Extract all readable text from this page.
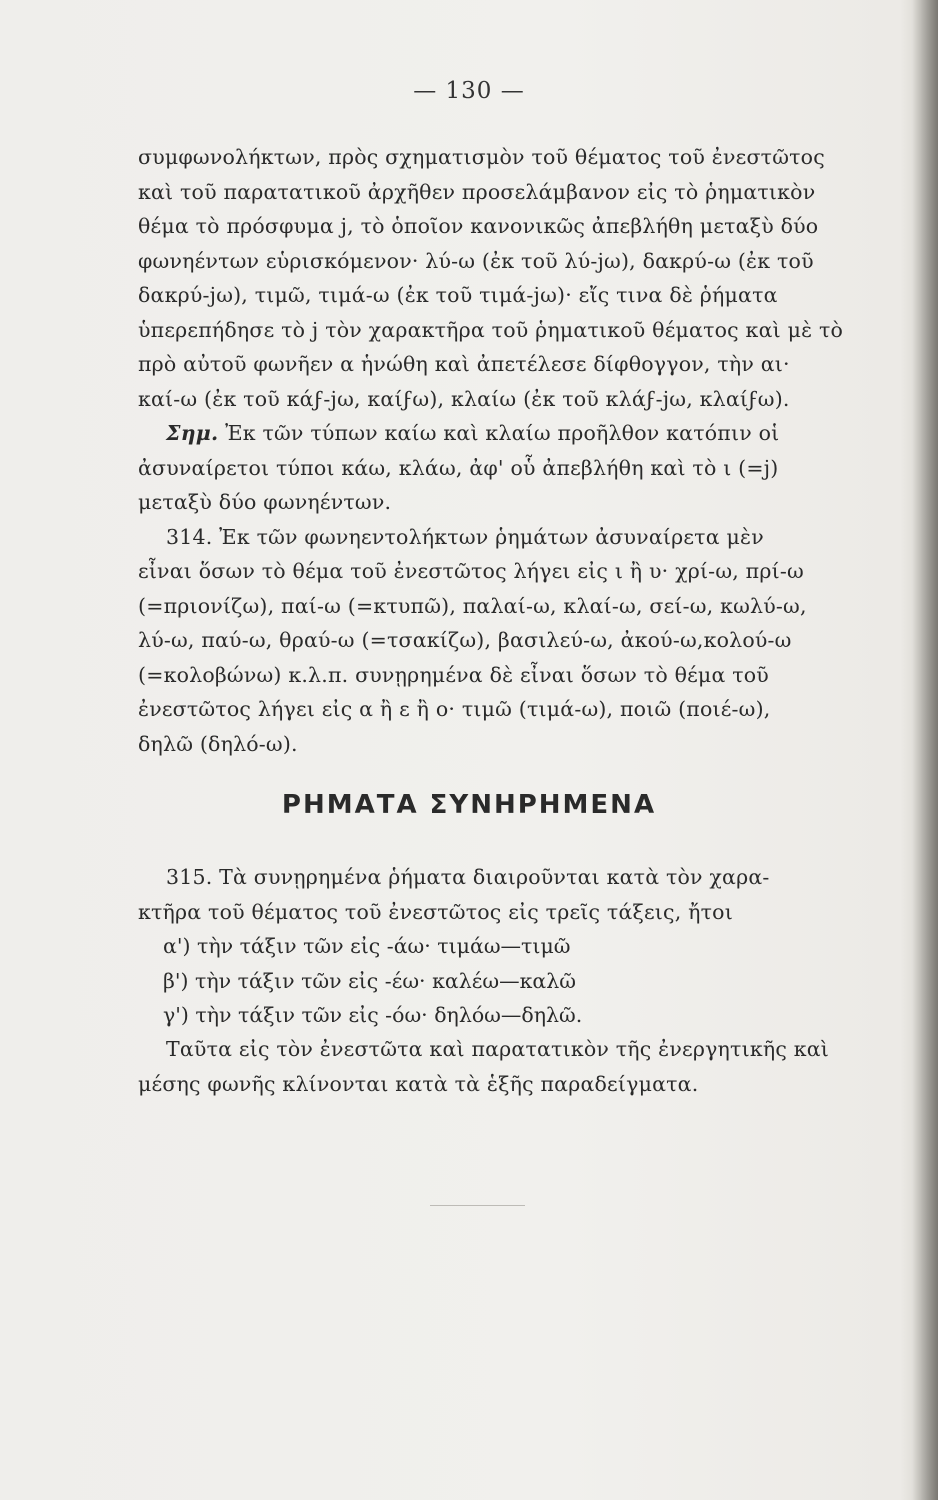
— 130 —
συμφωνολήκτων, πρὸς σχηματισμὸν τοῦ θέματος τοῦ ἐνεστῶτος
καὶ τοῦ παρατατικοῦ ἀρχῆθεν προσελάμβανον εἰς τὸ ῥηματικὸν
θέμα τὸ πρόσφυμα j, τὸ ὁποῖον κανονικῶς ἀπεβλήθη μεταξὺ δύο
φωνηέντων εὑρισκόμενον· λύ-ω (ἐκ τοῦ λύ-jω), δακρύ-ω (ἐκ τοῦ
δακρύ-jω), τιμῶ, τιμά-ω (ἐκ τοῦ τιμά-jω)· εἴς τινα δὲ ῥήματα
ὑπερεπήδησε τὸ j τὸν χαρακτῆρα τοῦ ῥηματικοῦ θέματος καὶ μὲ τὸ
πρὸ αὐτοῦ φωνῆεν α ἡνώθη καὶ ἀπετέλεσε δίφθογγον, τὴν αι·
καί-ω (ἐκ τοῦ κάϝ-jω, καίϝω), κλαίω (ἐκ τοῦ κλάϝ-jω, κλαίϝω).
Σημ. Ἐκ τῶν τύπων καίω καὶ κλαίω προῆλθον κατόπιν οἱ
ἀσυναίρετοι τύποι κάω, κλάω, ἀφ' οὗ ἀπεβλήθη καὶ τὸ ι (=j)
μεταξὺ δύο φωνηέντων.
314. Ἐκ τῶν φωνηεντολήκτων ῥημάτων ἀσυναίρετα μὲν
εἶναι ὅσων τὸ θέμα τοῦ ἐνεστῶτος λήγει εἰς ι ἢ υ· χρί-ω, πρί-ω
(=πριονίζω), παί-ω (=κτυπῶ), παλαί-ω, κλαί-ω, σεί-ω, κωλύ-ω,
λύ-ω, παύ-ω, θραύ-ω (=τσακίζω), βασιλεύ-ω, ἀκού-ω,κολού-ω
(=κολοβώνω) κ.λ.π. συνῃρημένα δὲ εἶναι ὅσων τὸ θέμα τοῦ
ἐνεστῶτος λήγει εἰς α ἢ ε ἢ ο· τιμῶ (τιμά-ω), ποιῶ (ποιέ-ω),
δηλῶ (δηλό-ω).
ΡΗΜΑΤΑ ΣΥΝΗΡΗΜΕΝΑ
315. Τὰ συνῃρημένα ῥήματα διαιροῦνται κατὰ τὸν χαρα-
κτῆρα τοῦ θέματος τοῦ ἐνεστῶτος εἰς τρεῖς τάξεις, ἤτοι
α') τὴν τάξιν τῶν εἰς -άω· τιμάω—τιμῶ
β') τὴν τάξιν τῶν εἰς -έω· καλέω—καλῶ
γ') τὴν τάξιν τῶν εἰς -όω· δηλόω—δηλῶ.
Ταῦτα εἰς τὸν ἐνεστῶτα καὶ παρατατικὸν τῆς ἐνεργητικῆς καὶ
μέσης φωνῆς κλίνονται κατὰ τὰ ἑξῆς παραδείγματα.
